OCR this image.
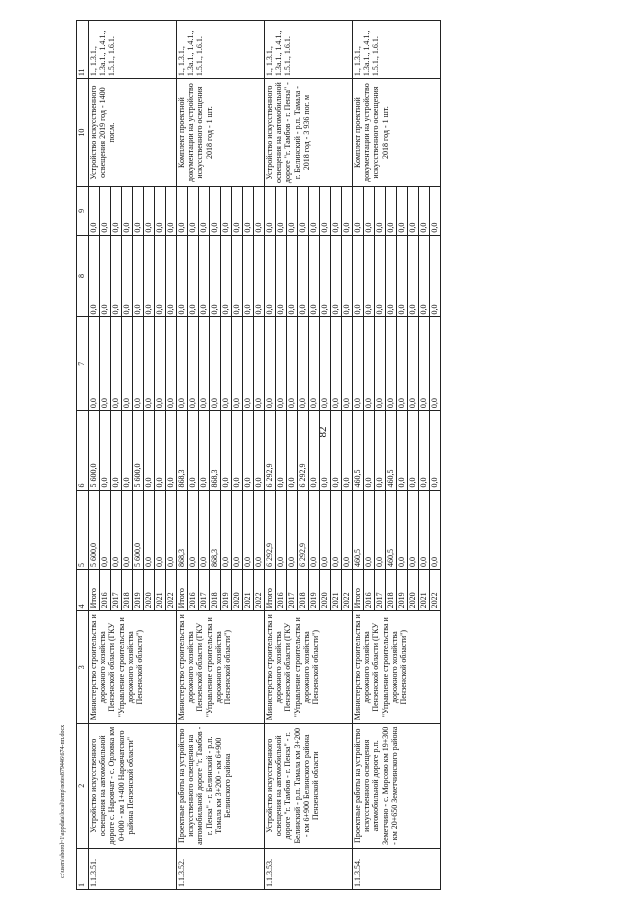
82
1	2	3	4	5	6	7	8	9	10	11
1.1.3.51.	Устройство искусственного освещения на автомобильной дороге с. Наровчат - с. Орловка км 0+000 - км 1+400 Наровчатского района Пензенской области"	Министерство строительства и дорожного хозяйства Пензенской области (ГКУ "Управление строительства и дорожного хозяйства Пензенской области")	Итого	5 600,0	5 600,0	0,0	0,0	0,0	Устройство искусственного освещения 2019 год - 1400 пог.м.	1., 1.3.1., 1.3а.1., 1.4.1., 1.5.1., 1.6.1.
			2016	0,0	0,0	0,0	0,0	0,0		
			2017	0,0	0,0	0,0	0,0	0,0		
			2018	0,0	0,0	0,0	0,0	0,0		
			2019	5 600,0	5 600,0	0,0	0,0	0,0		
			2020	0,0	0,0	0,0	0,0	0,0		
			2021	0,0	0,0	0,0	0,0	0,0		
			2022	0,0	0,0	0,0	0,0	0,0		
1.1.3.52.	Проектные работы на устройство искусственного освещения на автомобильной дороге "г. Тамбов - г. Пенза" - г. Белинский - р.п. Тамала км 3+200 - км 6+900 Белинского района	Министерство строительства и дорожного хозяйства Пензенской области (ГКУ "Управление строительства и дорожного хозяйства Пензенской области")	Итого	868,3	868,3	0,0	0,0	0,0	Комплект проектной документации на устройство искусственного освещения 2018 год - 1 шт.	1., 1.3.1., 1.3а.1., 1.4.1., 1.5.1., 1.6.1.
			2016	0,0	0,0	0,0	0,0	0,0		
			2017	0,0	0,0	0,0	0,0	0,0		
			2018	868,3	868,3	0,0	0,0	0,0		
			2019	0,0	0,0	0,0	0,0	0,0		
			2020	0,0	0,0	0,0	0,0	0,0		
			2021	0,0	0,0	0,0	0,0	0,0		
			2022	0,0	0,0	0,0	0,0	0,0		
1.1.3.53.	Устройство искусственного освещения на автомобильной дороге "г. Тамбов - г. Пенза" - г. Белинский - р.п. Тамала км 3+200 - км 6+900 Белинского района Пензенской области	Министерство строительства и дорожного хозяйства Пензенской области (ГКУ "Управление строительства и дорожного хозяйства Пензенской области")	Итого	6 292,9	6 292,9	0,0	0,0	0,0	Устройство искусственного освещения на автомобильной дороге "г. Тамбов - г. Пенза" - г. Белинский - р.п. Тамала - 2018 год - 3 936 пог. м	1., 1.3.1., 1.3а.1., 1.4.1., 1.5.1., 1.6.1.
			2016	0,0	0,0	0,0	0,0	0,0		
			2017	0,0	0,0	0,0	0,0	0,0		
			2018	6 292,9	6 292,9	0,0	0,0	0,0		
			2019	0,0	0,0	0,0	0,0	0,0		
			2020	0,0	0,0	0,0	0,0	0,0		
			2021	0,0	0,0	0,0	0,0	0,0		
			2022	0,0	0,0	0,0	0,0	0,0		
1.1.3.54.	Проектные работы на устройство искусственного освещения автомобильной дороге р.п. Земетчино - с. Морсово км 19+300 - км 20+650 Земетчинского района	Министерство строительства и дорожного хозяйства Пензенской области (ГКУ "Управление строительства и дорожного хозяйства Пензенской области")	Итого	460,5	460,5	0,0	0,0	0,0	Комплект проектной документации на устройство искусственного освещения 2018 год - 1 шт.	1., 1.3.1., 1.3а.1., 1.4.1., 1.5.1., 1.6.1.
			2016	0,0	0,0	0,0	0,0	0,0		
			2017	0,0	0,0	0,0	0,0	0,0		
			2018	460,5	460,5	0,0	0,0	0,0		
			2019	0,0	0,0	0,0	0,0	0,0		
			2020	0,0	0,0	0,0	0,0	0,0		
			2021	0,0	0,0	0,0	0,0	0,0		
			2022	0,0	0,0	0,0	0,0	0,0		
c:\users\sborol~1\appdata\local\temp\notes879446\674-пп.docx
